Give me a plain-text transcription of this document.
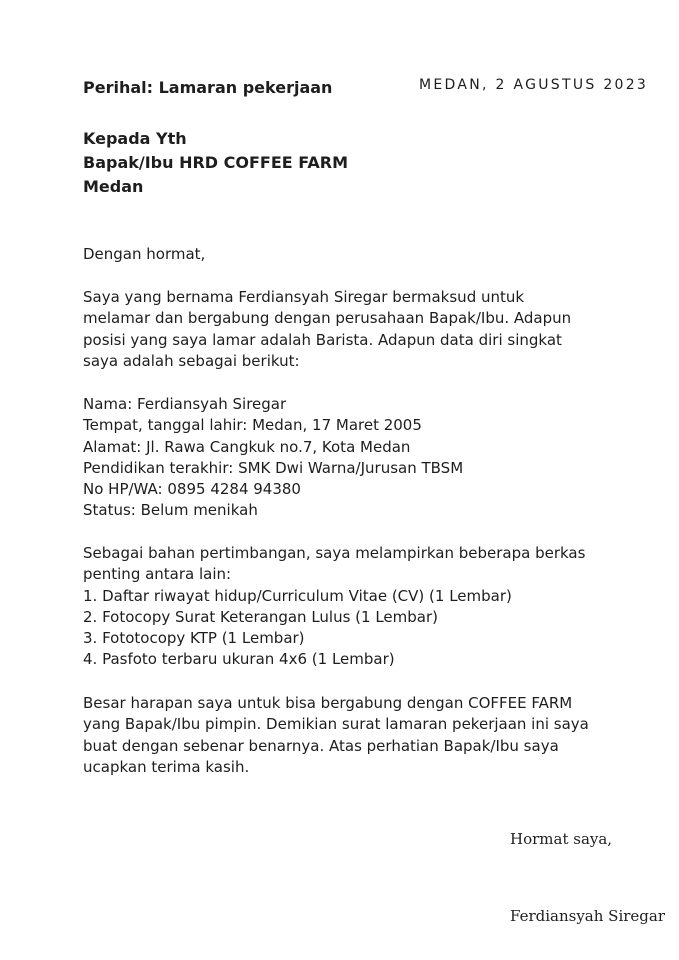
Perihal: Lamaran pekerjaan	MEDAN, 2 AGUSTUS 2023
Kepada Yth
Bapak/Ibu HRD COFFEE FARM
Medan
Dengan hormat,
Saya yang bernama Ferdiansyah Siregar bermaksud untuk
melamar dan bergabung dengan perusahaan Bapak/Ibu. Adapun
posisi yang saya lamar adalah Barista. Adapun data diri singkat
saya adalah sebagai berikut:
Nama: Ferdiansyah Siregar
Tempat, tanggal lahir: Medan, 17 Maret 2005
Alamat: Jl. Rawa Cangkuk no.7, Kota Medan
Pendidikan terakhir: SMK Dwi Warna/Jurusan TBSM
No HP/WA: 0895 4284 94380
Status: Belum menikah
Sebagai bahan pertimbangan, saya melampirkan beberapa berkas
penting antara lain:
1. Daftar riwayat hidup/Curriculum Vitae (CV) (1 Lembar)
2. Fotocopy Surat Keterangan Lulus (1 Lembar)
3. Fototocopy KTP (1 Lembar)
4. Pasfoto terbaru ukuran 4x6 (1 Lembar)
Besar harapan saya untuk bisa bergabung dengan COFFEE FARM
yang Bapak/Ibu pimpin. Demikian surat lamaran pekerjaan ini saya
buat dengan sebenar benarnya. Atas perhatian Bapak/Ibu saya
ucapkan terima kasih.
Hormat saya,
Ferdiansyah Siregar
